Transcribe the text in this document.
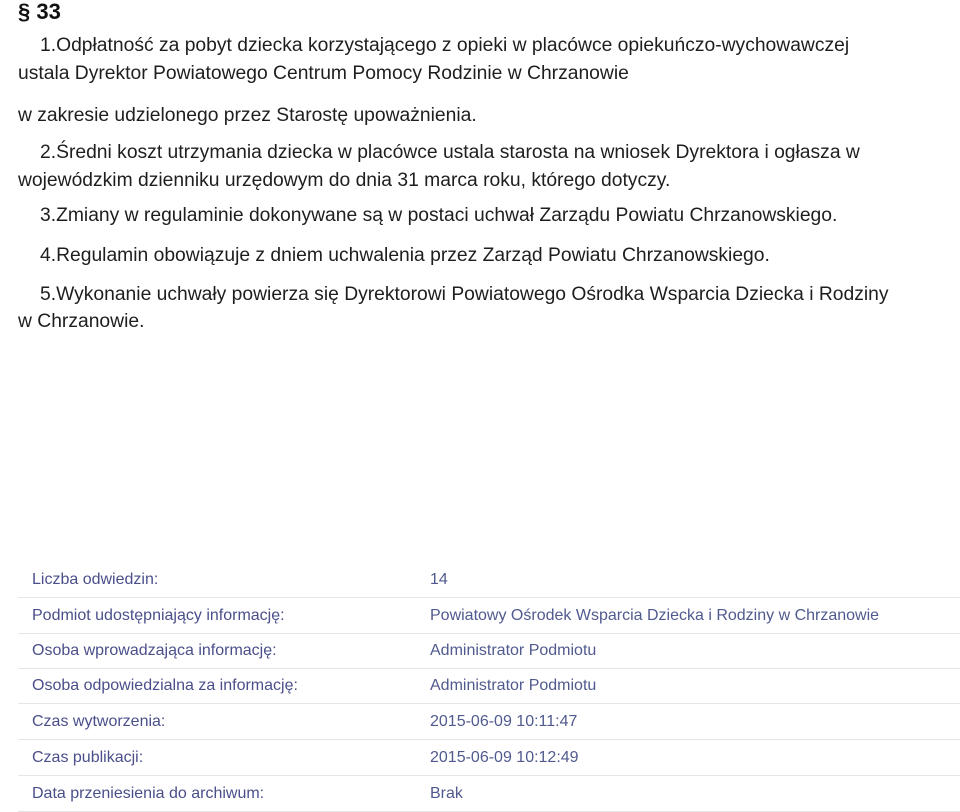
§ 33
1.Odpłatność za pobyt dziecka korzystającego z opieki w placówce opiekuńczo-wychowawczej
ustala Dyrektor Powiatowego Centrum Pomocy Rodzinie w Chrzanowie
w zakresie udzielonego przez Starostę upoważnienia.
2.Średni koszt utrzymania dziecka w placówce ustala starosta na wniosek Dyrektora i ogłasza w
wojewódzkim dzienniku urzędowym do dnia 31 marca roku, którego dotyczy.
3.Zmiany w regulaminie dokonywane są w postaci uchwał Zarządu Powiatu Chrzanowskiego.
4.Regulamin obowiązuje z dniem uchwalenia przez Zarząd Powiatu Chrzanowskiego.
5.Wykonanie uchwały powierza się Dyrektorowi Powiatowego Ośrodka Wsparcia Dziecka i Rodziny
w Chrzanowie.
Liczba odwiedzin:	14
Podmiot udostępniający informację:	Powiatowy Ośrodek Wsparcia Dziecka i Rodziny w Chrzanowie
Osoba wprowadzająca informację:	Administrator Podmiotu
Osoba odpowiedzialna za informację:	Administrator Podmiotu
Czas wytworzenia:	2015-06-09 10:11:47
Czas publikacji:	2015-06-09 10:12:49
Data przeniesienia do archiwum:	Brak
